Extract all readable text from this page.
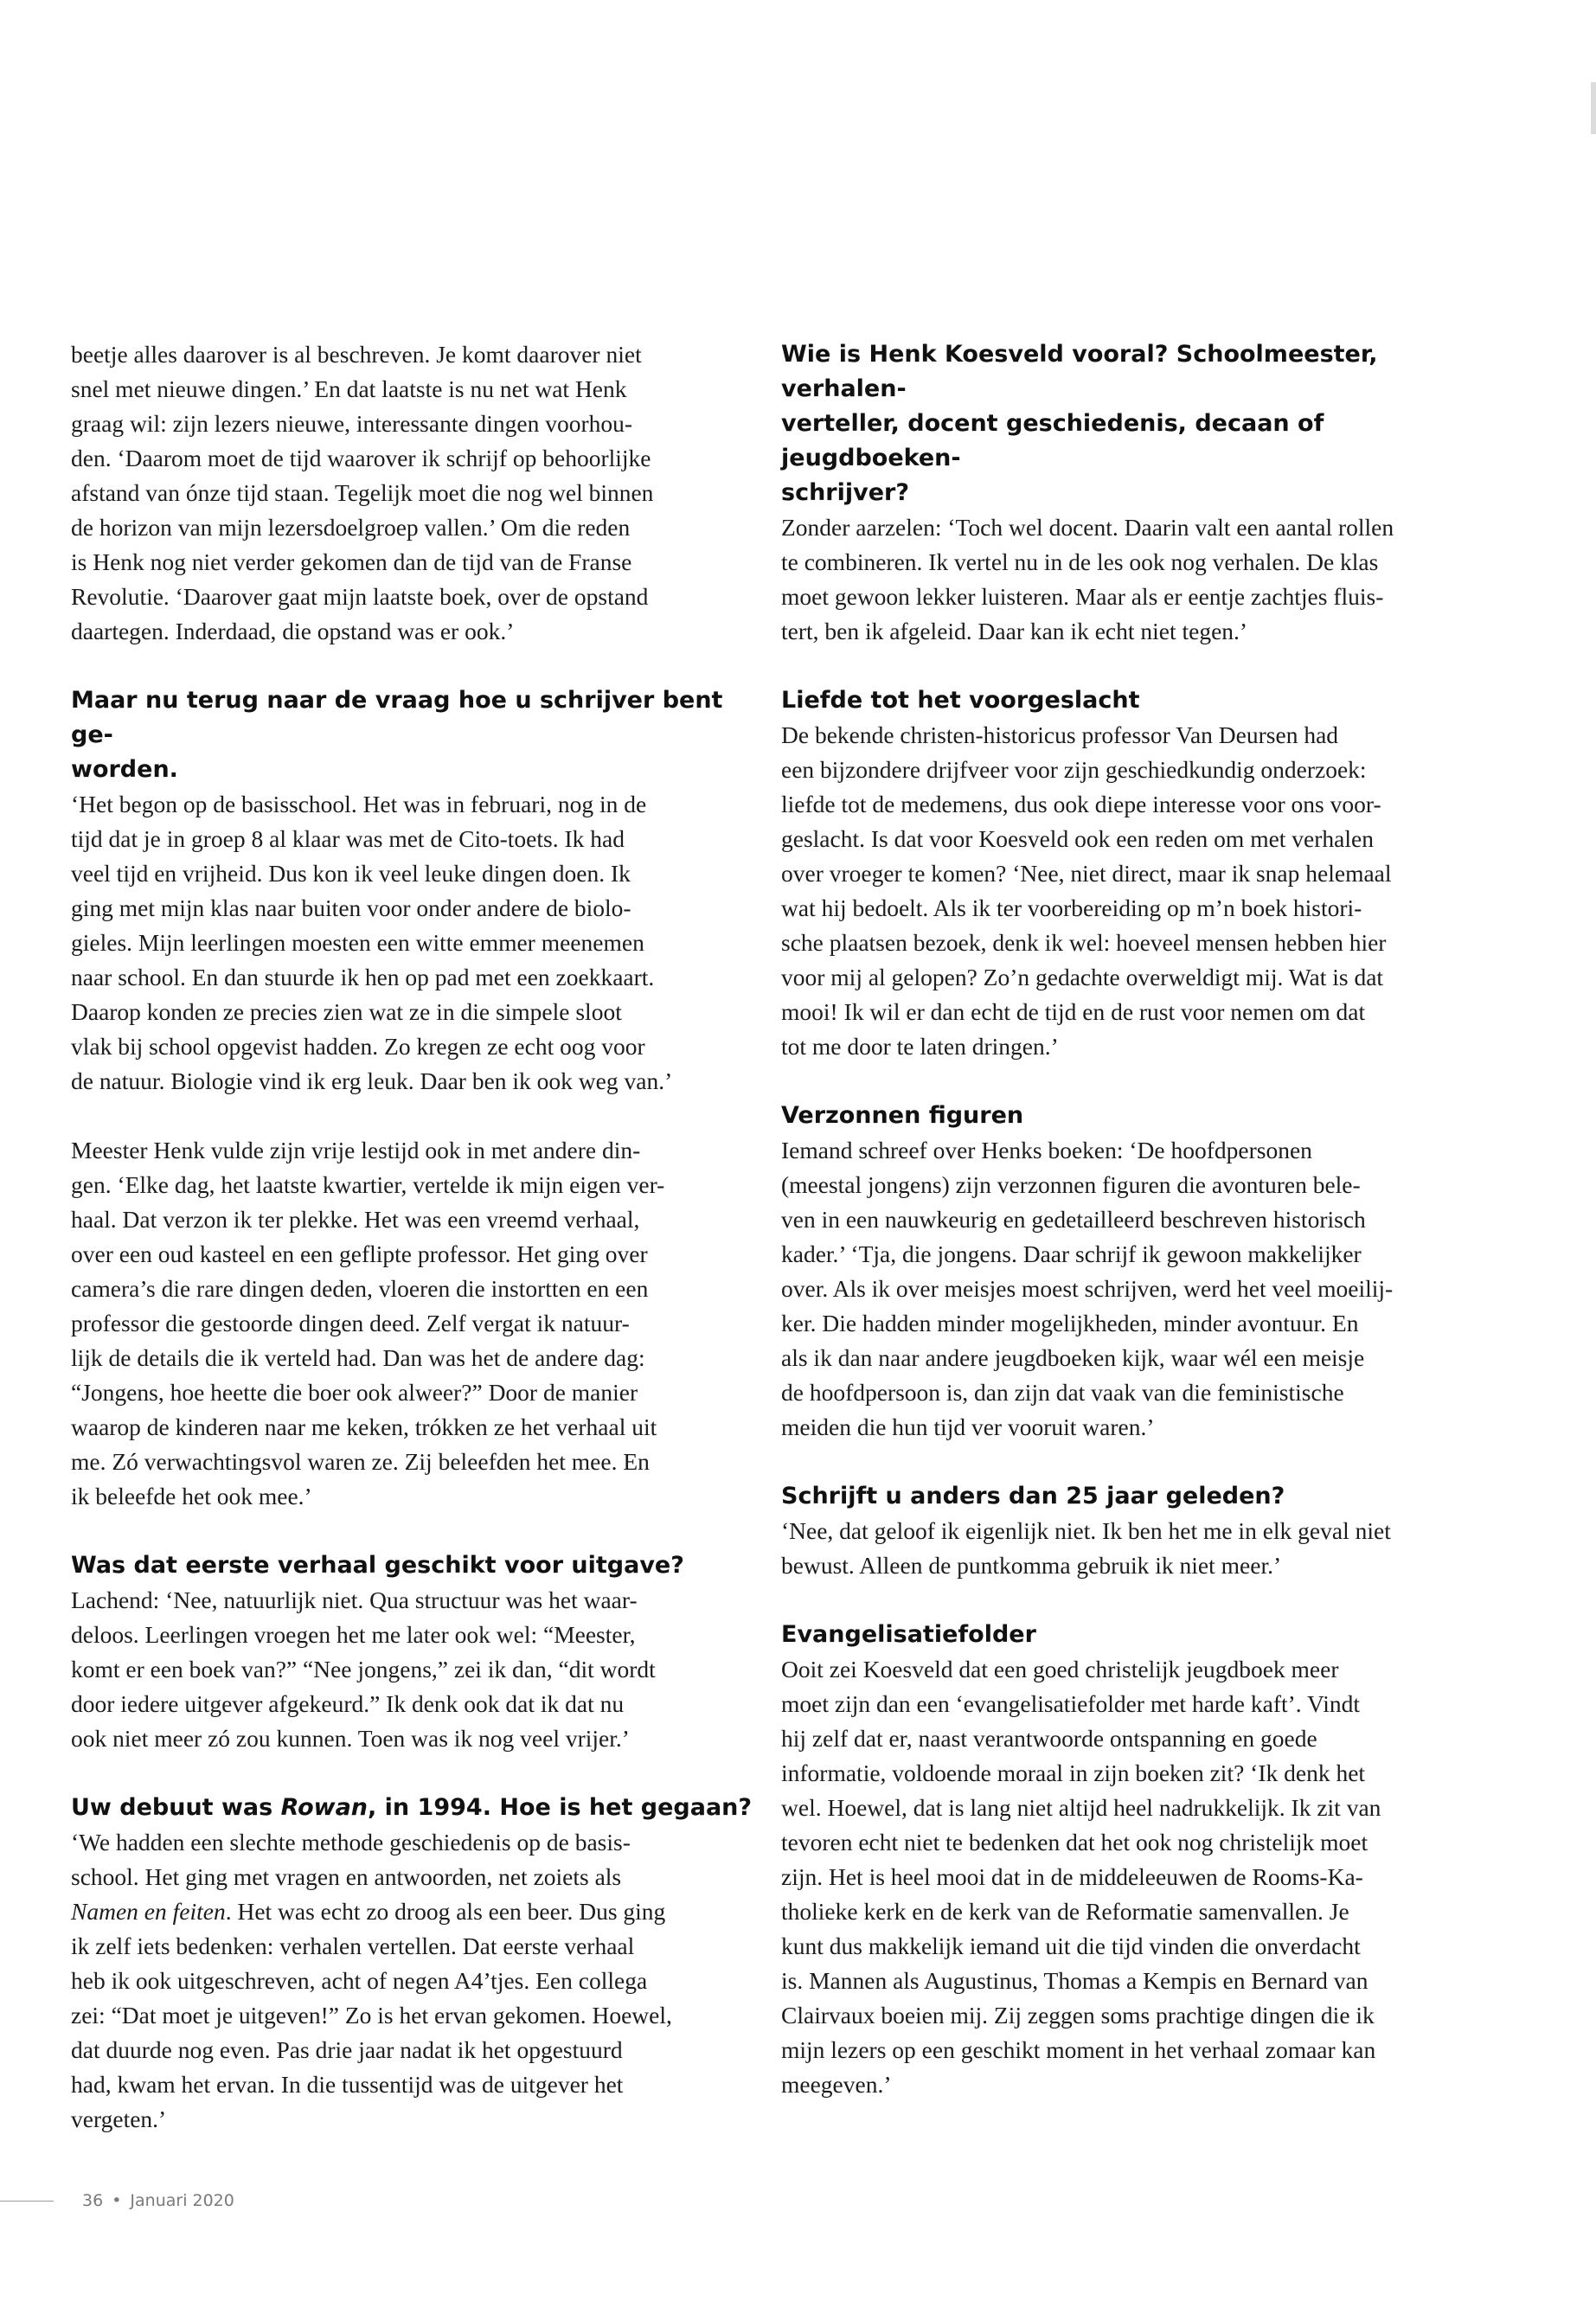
beetje alles daarover is al beschreven. Je komt daarover niet
snel met nieuwe dingen.’ En dat laatste is nu net wat Henk
graag wil: zijn lezers nieuwe, interessante dingen voorhou-
den. ‘Daarom moet de tijd waarover ik schrijf op behoorlijke
afstand van ónze tijd staan. Tegelijk moet die nog wel binnen
de horizon van mijn lezersdoelgroep vallen.’ Om die reden
is Henk nog niet verder gekomen dan de tijd van de Franse
Revolutie. ‘Daarover gaat mijn laatste boek, over de opstand
daartegen. Inderdaad, die opstand was er ook.’

Maar nu terug naar de vraag hoe u schrijver bent ge-
worden.

‘Het begon op de basisschool. Het was in februari, nog in de
tijd dat je in groep 8 al klaar was met de Cito-toets. Ik had
veel tijd en vrijheid. Dus kon ik veel leuke dingen doen. Ik
ging met mijn klas naar buiten voor onder andere de biolo-
gieles. Mijn leerlingen moesten een witte emmer meenemen
naar school. En dan stuurde ik hen op pad met een zoekkaart.
Daarop konden ze precies zien wat ze in die simpele sloot
vlak bij school opgevist hadden. Zo kregen ze echt oog voor
de natuur. Biologie vind ik erg leuk. Daar ben ik ook weg van.’

Meester Henk vulde zijn vrije lestijd ook in met andere din-
gen. ‘Elke dag, het laatste kwartier, vertelde ik mijn eigen ver-
haal. Dat verzon ik ter plekke. Het was een vreemd verhaal,
over een oud kasteel en een geflipte professor. Het ging over
camera’s die rare dingen deden, vloeren die instortten en een
professor die gestoorde dingen deed. Zelf vergat ik natuur-
lijk de details die ik verteld had. Dan was het de andere dag:
“Jongens, hoe heette die boer ook alweer?” Door de manier
waarop de kinderen naar me keken, trókken ze het verhaal uit
me. Zó verwachtingsvol waren ze. Zij beleefden het mee. En
ik beleefde het ook mee.’

Was dat eerste verhaal geschikt voor uitgave?

Lachend: ‘Nee, natuurlijk niet. Qua structuur was het waar-
deloos. Leerlingen vroegen het me later ook wel: “Meester,
komt er een boek van?” “Nee jongens,” zei ik dan, “dit wordt
door iedere uitgever afgekeurd.” Ik denk ook dat ik dat nu
ook niet meer zó zou kunnen. Toen was ik nog veel vrijer.’

Uw debuut was Rowan, in 1994. Hoe is het gegaan?

‘We hadden een slechte methode geschiedenis op de basis-
school. Het ging met vragen en antwoorden, net zoiets als
Namen en feiten. Het was echt zo droog als een beer. Dus ging
ik zelf iets bedenken: verhalen vertellen. Dat eerste verhaal
heb ik ook uitgeschreven, acht of negen A4’tjes. Een collega
zei: “Dat moet je uitgeven!” Zo is het ervan gekomen. Hoewel,
dat duurde nog even. Pas drie jaar nadat ik het opgestuurd
had, kwam het ervan. In die tussentijd was de uitgever het
vergeten.’

Wie is Henk Koesveld vooral? Schoolmeester, verhalen-
verteller, docent geschiedenis, decaan of jeugdboeken-
schrijver?

Zonder aarzelen: ‘Toch wel docent. Daarin valt een aantal rollen
te combineren. Ik vertel nu in de les ook nog verhalen. De klas
moet gewoon lekker luisteren. Maar als er eentje zachtjes fluis-
tert, ben ik afgeleid. Daar kan ik echt niet tegen.’

Liefde tot het voorgeslacht

De bekende christen-historicus professor Van Deursen had
een bijzondere drijfveer voor zijn geschiedkundig onderzoek:
liefde tot de medemens, dus ook diepe interesse voor ons voor-
geslacht. Is dat voor Koesveld ook een reden om met verhalen
over vroeger te komen? ‘Nee, niet direct, maar ik snap helemaal
wat hij bedoelt. Als ik ter voorbereiding op m’n boek histori-
sche plaatsen bezoek, denk ik wel: hoeveel mensen hebben hier
voor mij al gelopen? Zo’n gedachte overweldigt mij. Wat is dat
mooi! Ik wil er dan echt de tijd en de rust voor nemen om dat
tot me door te laten dringen.’

Verzonnen figuren

Iemand schreef over Henks boeken: ‘De hoofdpersonen
(meestal jongens) zijn verzonnen figuren die avonturen bele-
ven in een nauwkeurig en gedetailleerd beschreven historisch
kader.’ ‘Tja, die jongens. Daar schrijf ik gewoon makkelijker
over. Als ik over meisjes moest schrijven, werd het veel moeilij-
ker. Die hadden minder mogelijkheden, minder avontuur. En
als ik dan naar andere jeugdboeken kijk, waar wél een meisje
de hoofdpersoon is, dan zijn dat vaak van die feministische
meiden die hun tijd ver vooruit waren.’

Schrijft u anders dan 25 jaar geleden?

‘Nee, dat geloof ik eigenlijk niet. Ik ben het me in elk geval niet
bewust. Alleen de puntkomma gebruik ik niet meer.’

Evangelisatiefolder

Ooit zei Koesveld dat een goed christelijk jeugdboek meer
moet zijn dan een ‘evangelisatiefolder met harde kaft’. Vindt
hij zelf dat er, naast verantwoorde ontspanning en goede
informatie, voldoende moraal in zijn boeken zit? ‘Ik denk het
wel. Hoewel, dat is lang niet altijd heel nadrukkelijk. Ik zit van
tevoren echt niet te bedenken dat het ook nog christelijk moet
zijn. Het is heel mooi dat in de middeleeuwen de Rooms-Ka-
tholieke kerk en de kerk van de Reformatie samenvallen. Je
kunt dus makkelijk iemand uit die tijd vinden die onverdacht
is. Mannen als Augustinus, Thomas a Kempis en Bernard van
Clairvaux boeien mij. Zij zeggen soms prachtige dingen die ik
mijn lezers op een geschikt moment in het verhaal zomaar kan
meegeven.’

36 • Januari 2020
